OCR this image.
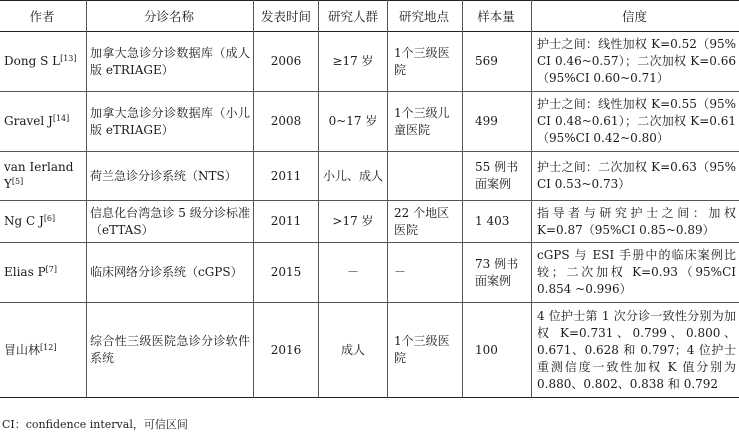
作者	分诊名称	发表时间	研究人群	研究地点	样本量	信度
Dong S L[13]	加拿大急诊分诊数据库（成人版 eTRIAGE）	2006	≥17 岁	1个三级医院	569	护士之间：线性加权 K=0.52（95% CI 0.46~0.57）；二次加权 K=0.66（95%CI 0.60~0.71）
Gravel J[14]	加拿大急诊分诊数据库（小儿版 eTRIAGE）	2008	0~17 岁	1个三级儿童医院	499	护士之间：线性加权 K=0.55（95% CI 0.48~0.61）；二次加权 K=0.61（95%CI 0.42~0.80）
van Ierland Y[5]	荷兰急诊分诊系统（NTS）	2011	小儿、成人		55 例书面案例	护士之间：二次加权 K=0.63（95% CI 0.53~0.73）
Ng C J[6]	信息化台湾急诊 5 级分诊标准（eTTAS）	2011	>17 岁	22 个地区医院	1 403	指导者与研究护士之间：加权 K=0.87（95%CI 0.85~0.89）
Elias P[7]	临床网络分诊系统（cGPS）	2015	－	－	73 例书面案例	cGPS 与 ESI 手册中的临床案例比较；二次加权 K=0.93（95%CI 0.854 ~0.996）
冒山林[12]	综合性三级医院急诊分诊软件系统	2016	成人	1个三级医院	100	4 位护士第 1 次分诊一致性分别为加权 K=0.731、0.799、0.800、0.671、0.628 和 0.797；4 位护士重测信度一致性加权 K 值分别为 0.880、0.802、0.838 和 0.792
CI：confidence interval，可信区间
